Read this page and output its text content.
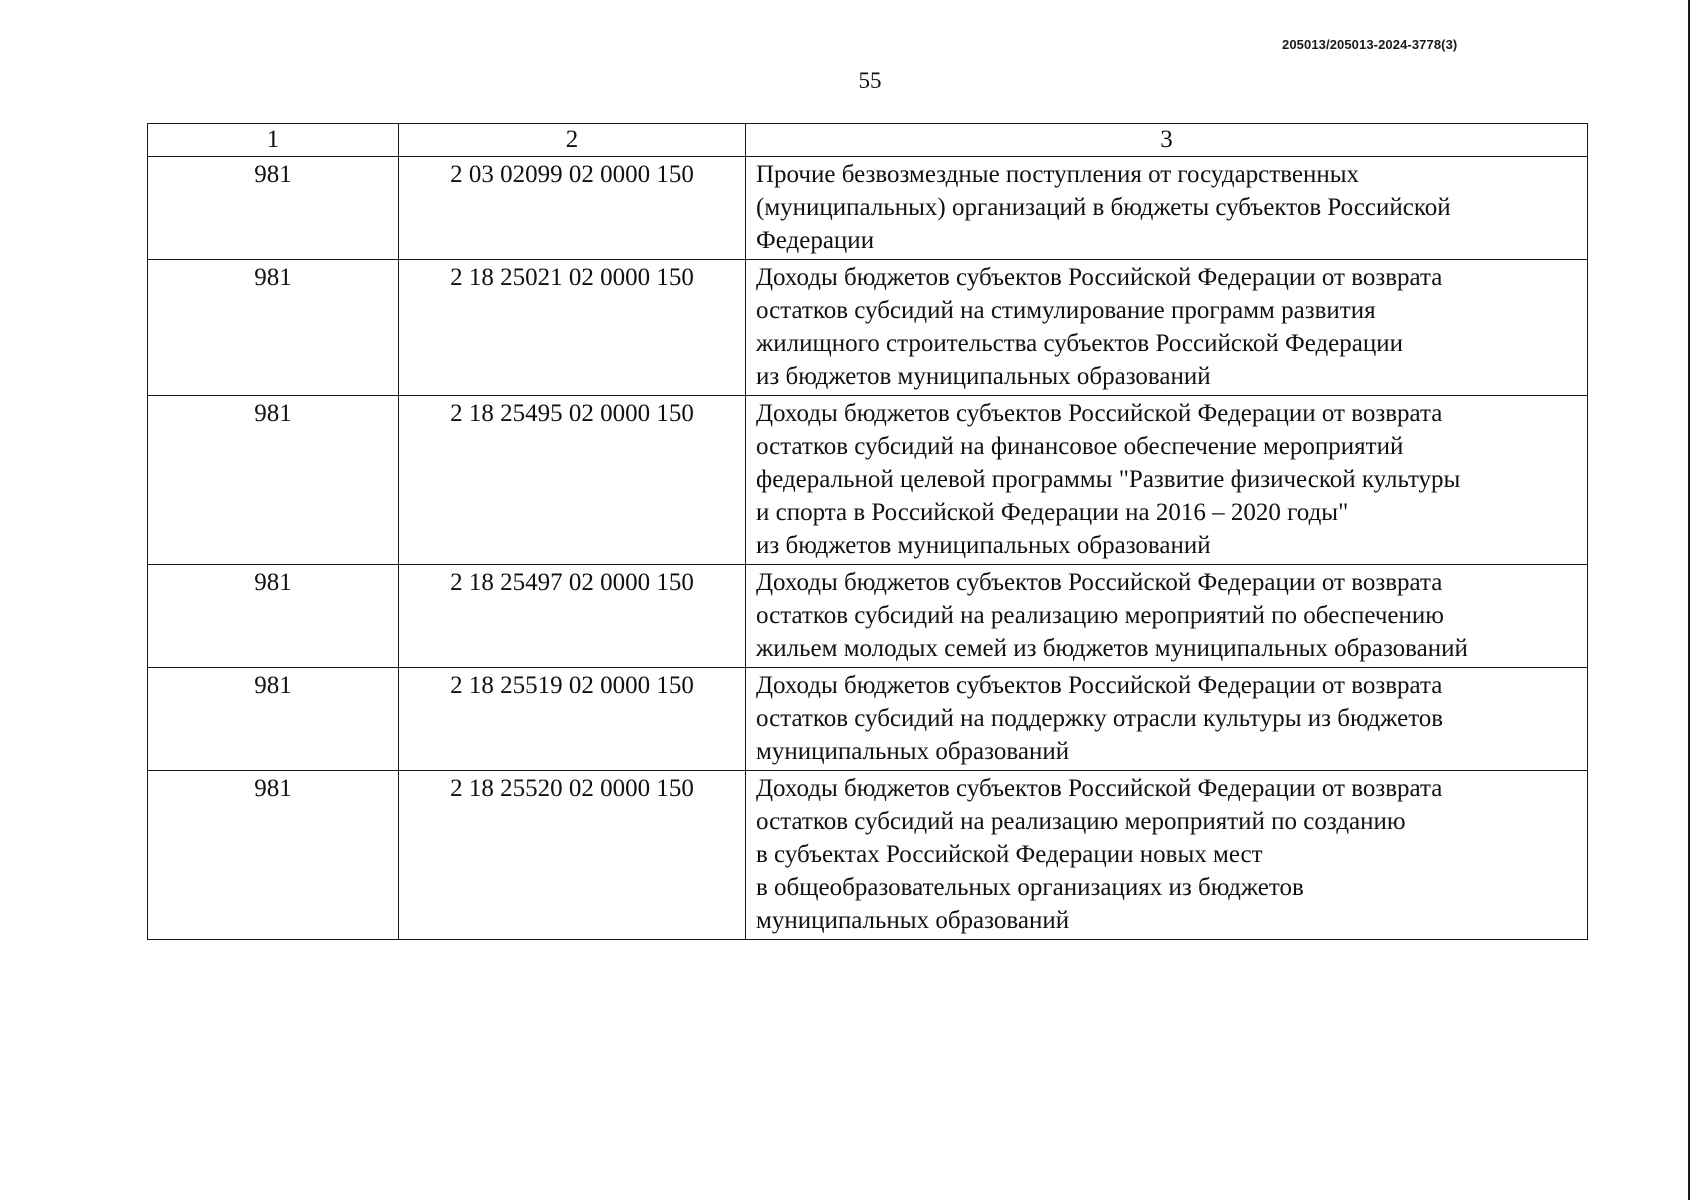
205013/205013-2024-3778(3)
55
1	2	3
981	2 03 02099 02 0000 150	Прочие безвозмездные поступления от государственных
(муниципальных) организаций в бюджеты субъектов Российской
Федерации

981	2 18 25021 02 0000 150	Доходы бюджетов субъектов Российской Федерации от возврата
остатков субсидий на стимулирование программ развития
жилищного строительства субъектов Российской Федерации
из бюджетов муниципальных образований

981	2 18 25495 02 0000 150	Доходы бюджетов субъектов Российской Федерации от возврата
остатков субсидий на финансовое обеспечение мероприятий
федеральной целевой программы "Развитие физической культуры
и спорта в Российской Федерации на 2016 – 2020 годы"
из бюджетов муниципальных образований

981	2 18 25497 02 0000 150	Доходы бюджетов субъектов Российской Федерации от возврата
остатков субсидий на реализацию мероприятий по обеспечению
жильем молодых семей из бюджетов муниципальных образований

981	2 18 25519 02 0000 150	Доходы бюджетов субъектов Российской Федерации от возврата
остатков субсидий на поддержку отрасли культуры из бюджетов
муниципальных образований

981	2 18 25520 02 0000 150	Доходы бюджетов субъектов Российской Федерации от возврата
остатков субсидий на реализацию мероприятий по созданию
в субъектах Российской Федерации новых мест
в общеобразовательных организациях из бюджетов
муниципальных образований
